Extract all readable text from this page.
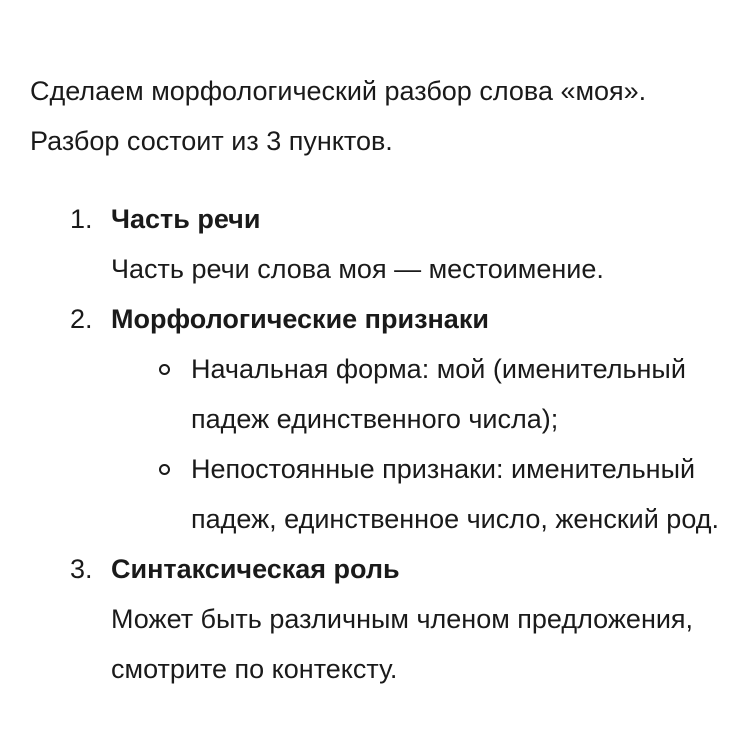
Сделаем морфологический разбор слова «моя».

Разбор состоит из 3 пунктов.

1. Часть речи
Часть речи слова моя — местоимение.
2. Морфологические признаки
Начальная форма: мой (именительный падеж единственного числа);
Непостоянные признаки: именительный падеж, единственное число, женский род.
3. Синтаксическая роль
Может быть различным членом предложения, смотрите по контексту.
